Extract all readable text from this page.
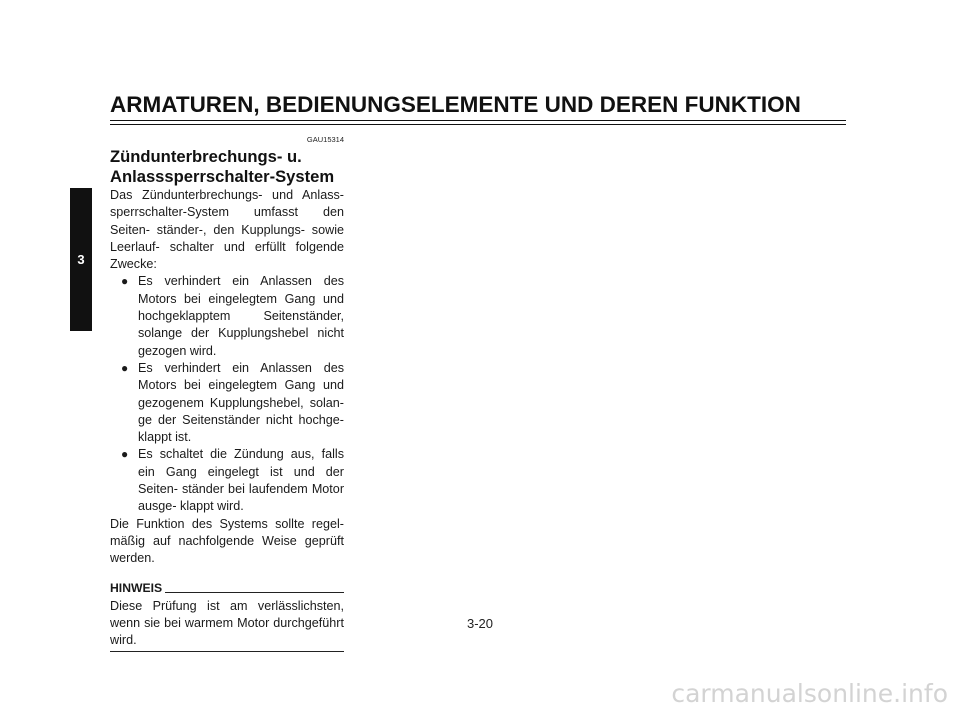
ARMATUREN, BEDIENUNGSELEMENTE UND DEREN FUNKTION
3
GAU15314
Zündunterbrechungs- u.
Anlasssperrschalter-System

Das Zündunterbrechungs- und Anlass- sperrschalter-System umfasst den Seiten- ständer-, den Kupplungs- sowie Leerlauf- schalter und erfüllt folgende Zwecke:

● Es verhindert ein Anlassen des Motors bei eingelegtem Gang und hochgeklapptem Seitenständer, solange der Kupplungshebel nicht gezogen wird.
● Es verhindert ein Anlassen des Motors bei eingelegtem Gang und gezogenem Kupplungshebel, solan- ge der Seitenständer nicht hochge- klappt ist.
● Es schaltet die Zündung aus, falls ein Gang eingelegt ist und der Seiten- ständer bei laufendem Motor ausge- klappt wird.

Die Funktion des Systems sollte regel- mäßig auf nachfolgende Weise geprüft werden.

HINWEIS

Diese Prüfung ist am verlässlichsten, wenn sie bei warmem Motor durchgeführt wird.

3-20
carmanualsonline.info
